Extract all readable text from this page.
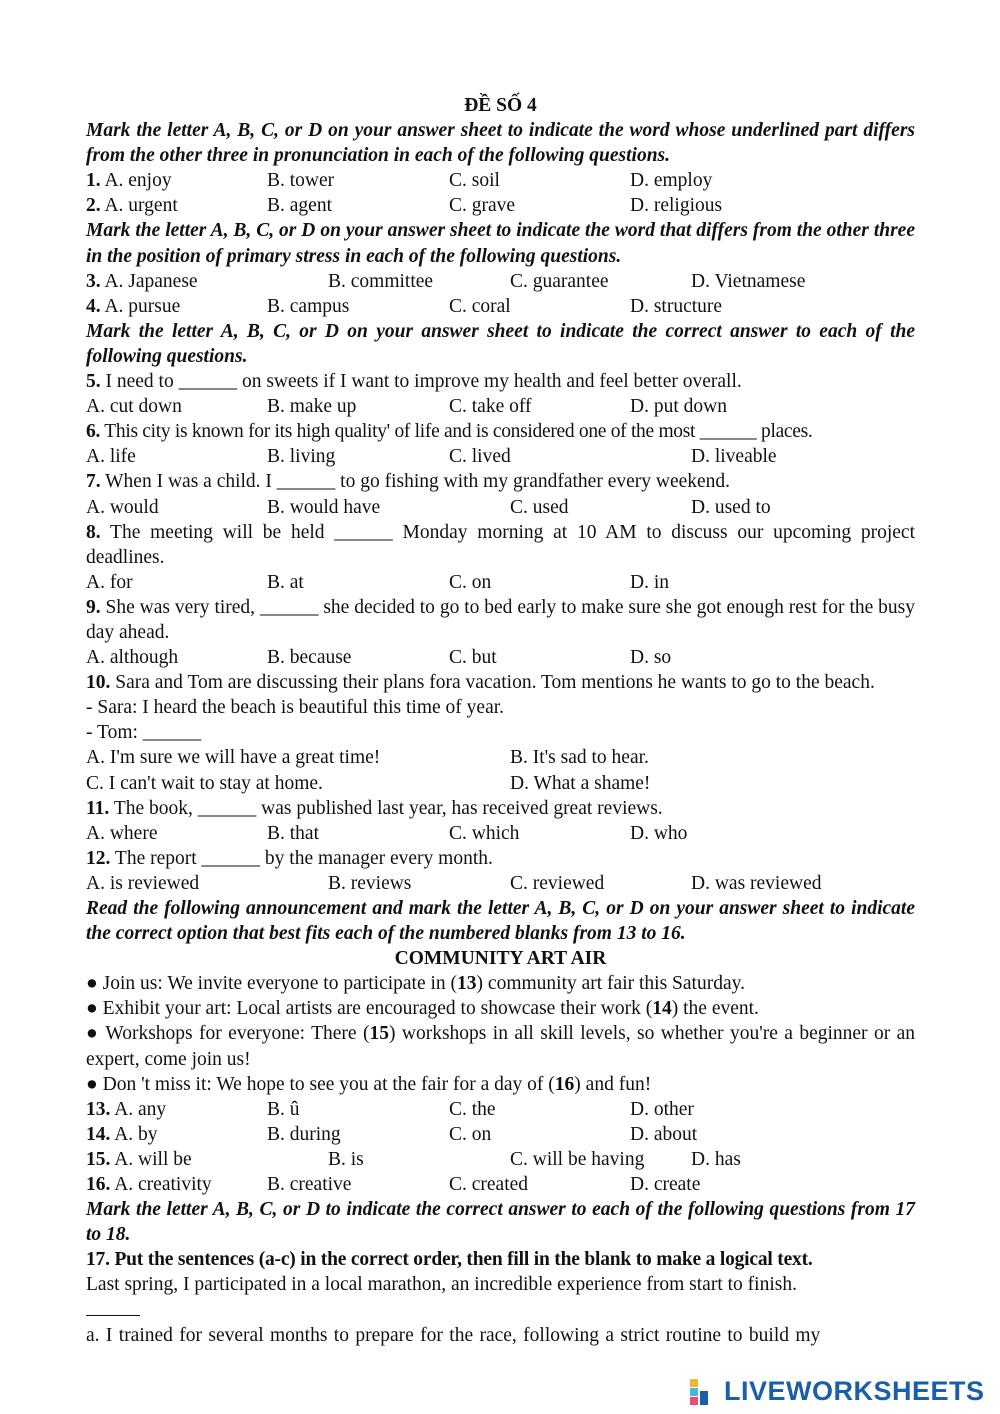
ĐỀ SỐ 4
Mark the letter A, B, C, or D on your answer sheet to indicate the word whose underlined part differs from the other three in pronunciation in each of the following questions.
1. A. enjoy	B. tower	C. soil	D. employ
2. A. urgent	B. agent	C. grave	D. religious
Mark the letter A, B, C, or D on your answer sheet to indicate the word that differs from the other three in the position of primary stress in each of the following questions.
3. A. Japanese	B. committee	C. guarantee	D. Vietnamese
4. A. pursue	B. campus	C. coral	D. structure
Mark the letter A, B, C, or D on your answer sheet to indicate the correct answer to each of the following questions.
5. I need to ______ on sweets if I want to improve my health and feel better overall.
A. cut down	B. make up	C. take off	D. put down
6. This city is known for its high quality' of life and is considered one of the most ______ places.
A. life	B. living	C. lived	D. liveable
7. When I was a child. I ______ to go fishing with my grandfather every weekend.
A. would	B. would have	C. used	D. used to
8. The meeting will be held ______ Monday morning at 10 AM to discuss our upcoming project deadlines.
A. for	B. at	C. on	D. in
9. She was very tired, ______ she decided to go to bed early to make sure she got enough rest for the busy day ahead.
A. although	B. because	C. but	D. so
10. Sara and Tom are discussing their plans fora vacation. Tom mentions he wants to go to the beach.
- Sara: I heard the beach is beautiful this time of year.
- Tom: ______
A. I'm sure we will have a great time!	B. It's sad to hear.
C. I can't wait to stay at home.	D. What a shame!
11. The book, ______ was published last year, has received great reviews.
A. where	B. that	C. which	D. who
12. The report ______ by the manager every month.
A. is reviewed	B. reviews	C. reviewed	D. was reviewed
Read the following announcement and mark the letter A, B, C, or D on your answer sheet to indicate the correct option that best fits each of the numbered blanks from 13 to 16.
COMMUNITY ART AIR
● Join us: We invite everyone to participate in (13) community art fair this Saturday.
● Exhibit your art: Local artists are encouraged to showcase their work (14) the event.
● Workshops for everyone: There (15) workshops in all skill levels, so whether you're a beginner or an expert, come join us!
● Don 't miss it: We hope to see you at the fair for a day of (16) and fun!
13. A. any	B. û	C. the	D. other
14. A. by	B. during	C. on	D. about
15. A. will be	B. is	C. will be having D. has
16. A. creativity	B. creative	C. created	D. create
Mark the letter A, B, C, or D to indicate the correct answer to each of the following questions from 17 to 18.
17. Put the sentences (a-c) in the correct order, then fill in the blank to make a logical text.
Last spring, I participated in a local marathon, an incredible experience from start to finish.

a. I trained for several months to prepare for the race, following a strict routine to build my
LIVEWORKSHEETS
